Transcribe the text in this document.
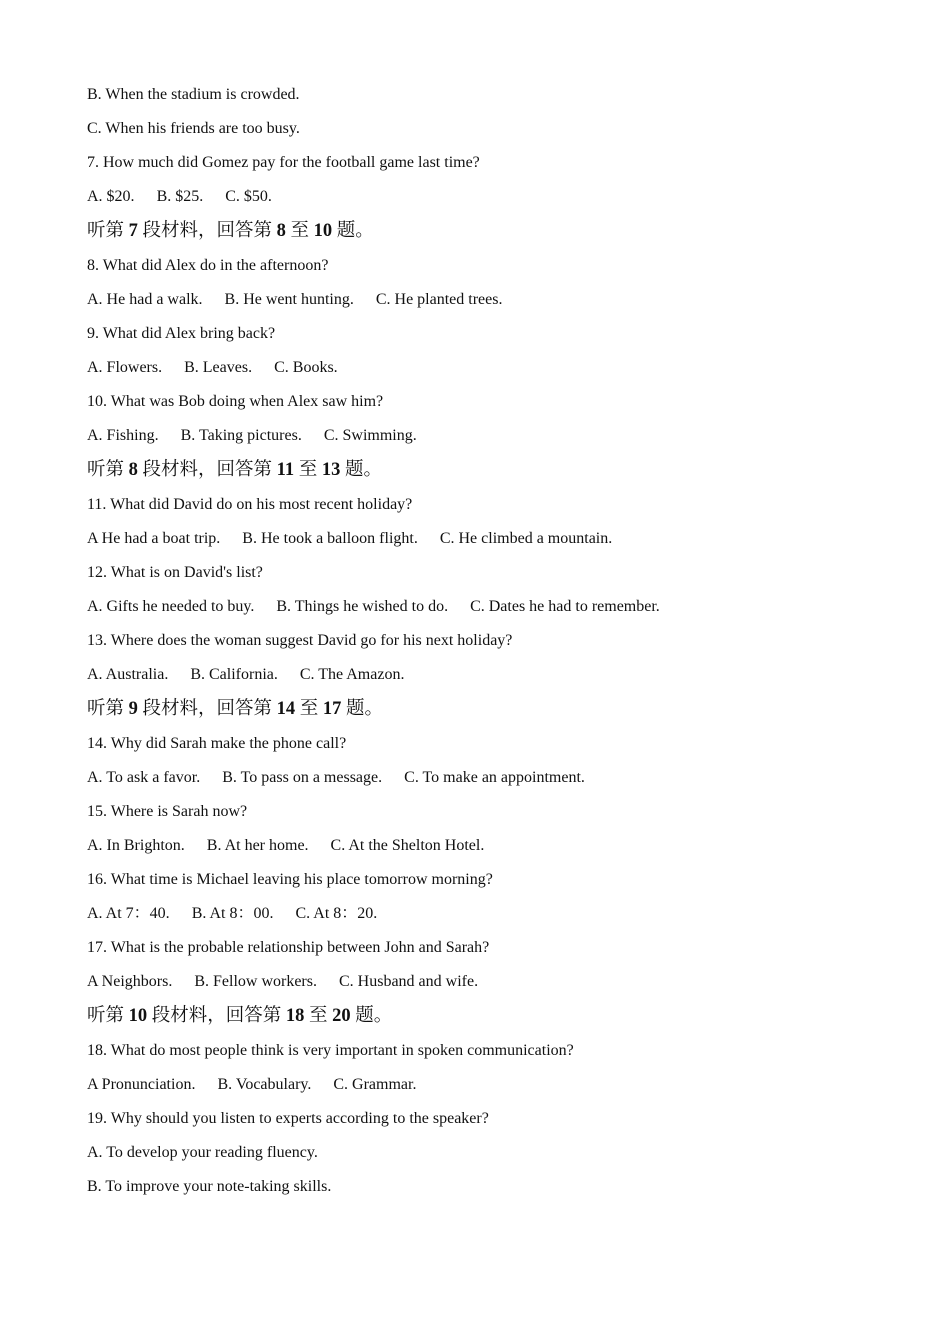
B. When the stadium is crowded.
C. When his friends are too busy.
7. How much did Gomez pay for the football game last time?
A. $20. B. $25. C. $50.
听第 7 段材料，回答第 8 至 10 题。
8. What did Alex do in the afternoon?
A. He had a walk. B. He went hunting. C. He planted trees.
9. What did Alex bring back?
A. Flowers. B. Leaves. C. Books.
10. What was Bob doing when Alex saw him?
A. Fishing. B. Taking pictures. C. Swimming.
听第 8 段材料，回答第 11 至 13 题。
11. What did David do on his most recent holiday?
A He had a boat trip. B. He took a balloon flight. C. He climbed a mountain.
12. What is on David's list?
A. Gifts he needed to buy. B. Things he wished to do. C. Dates he had to remember.
13. Where does the woman suggest David go for his next holiday?
A. Australia. B. California. C. The Amazon.
听第 9 段材料，回答第 14 至 17 题。
14. Why did Sarah make the phone call?
A. To ask a favor. B. To pass on a message. C. To make an appointment.
15. Where is Sarah now?
A. In Brighton. B. At her home. C. At the Shelton Hotel.
16. What time is Michael leaving his place tomorrow morning?
A. At 7：40. B. At 8：00. C. At 8：20.
17. What is the probable relationship between John and Sarah?
A Neighbors. B. Fellow workers. C. Husband and wife.
听第 10 段材料，回答第 18 至 20 题。
18. What do most people think is very important in spoken communication?
A Pronunciation. B. Vocabulary. C. Grammar.
19. Why should you listen to experts according to the speaker?
A. To develop your reading fluency.
B. To improve your note-taking skills.
